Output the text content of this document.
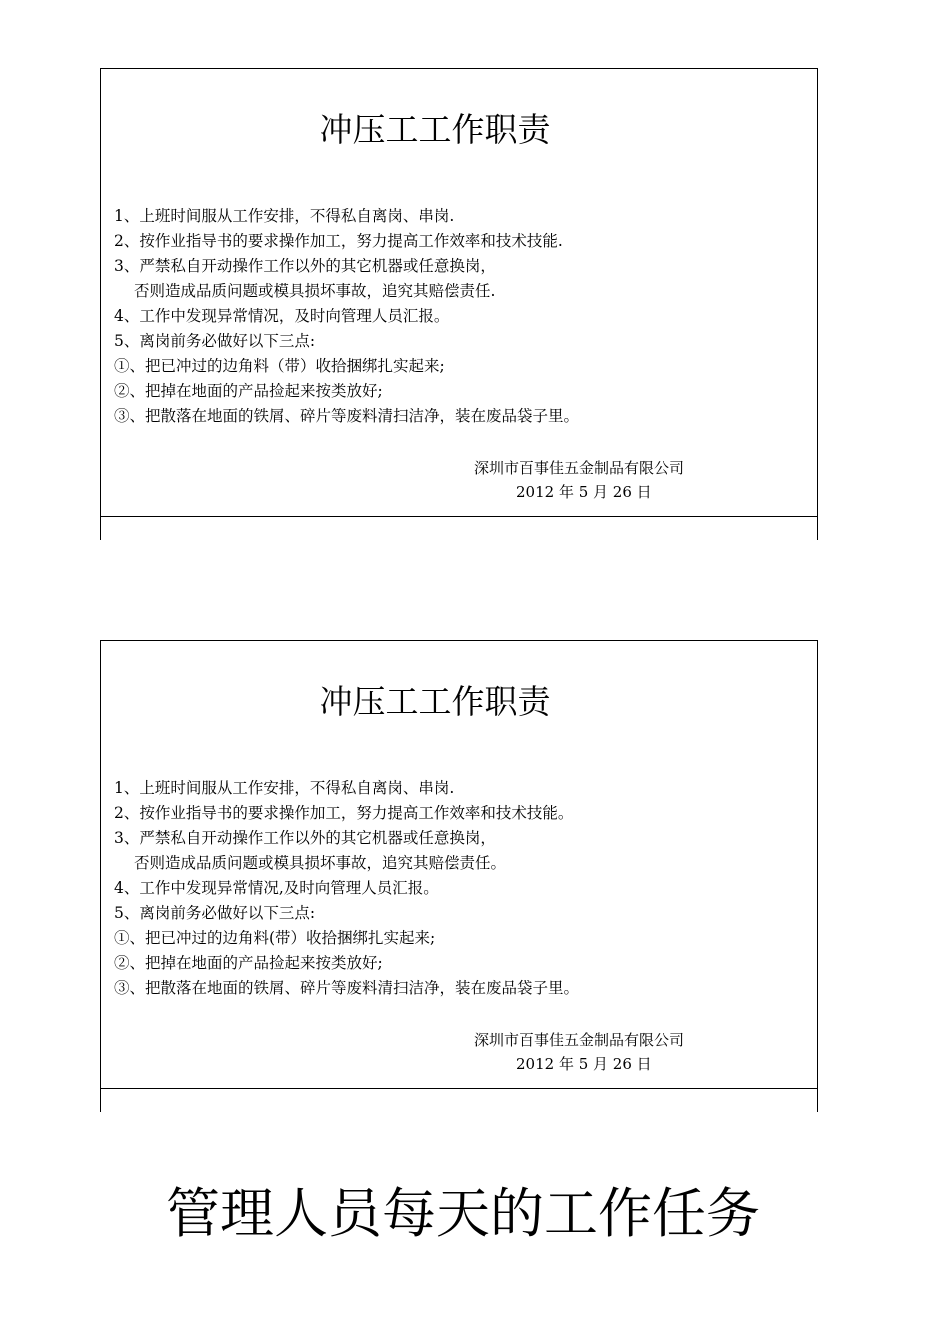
冲压工工作职责
1、上班时间服从工作安排，不得私自离岗、串岗.
2、按作业指导书的要求操作加工，努力提高工作效率和技术技能.
3、严禁私自开动操作工作以外的其它机器或任意换岗，
否则造成品质问题或模具损坏事故，追究其赔偿责任.
4、工作中发现异常情况，及时向管理人员汇报。
5、离岗前务必做好以下三点:
①、把已冲过的边角料（带）收拾捆绑扎实起来;
②、把掉在地面的产品捡起来按类放好;
③、把散落在地面的铁屑、碎片等废料清扫洁净，装在废品袋子里。
深圳市百事佳五金制品有限公司
2012 年 5 月 26 日
冲压工工作职责
1、上班时间服从工作安排，不得私自离岗、串岗.
2、按作业指导书的要求操作加工，努力提高工作效率和技术技能。
3、严禁私自开动操作工作以外的其它机器或任意换岗，
否则造成品质问题或模具损坏事故，追究其赔偿责任。
4、工作中发现异常情况,及时向管理人员汇报。
5、离岗前务必做好以下三点:
①、把已冲过的边角料(带）收拾捆绑扎实起来;
②、把掉在地面的产品捡起来按类放好;
③、把散落在地面的铁屑、碎片等废料清扫洁净，装在废品袋子里。
深圳市百事佳五金制品有限公司
2012 年 5 月 26 日
管理人员每天的工作任务
